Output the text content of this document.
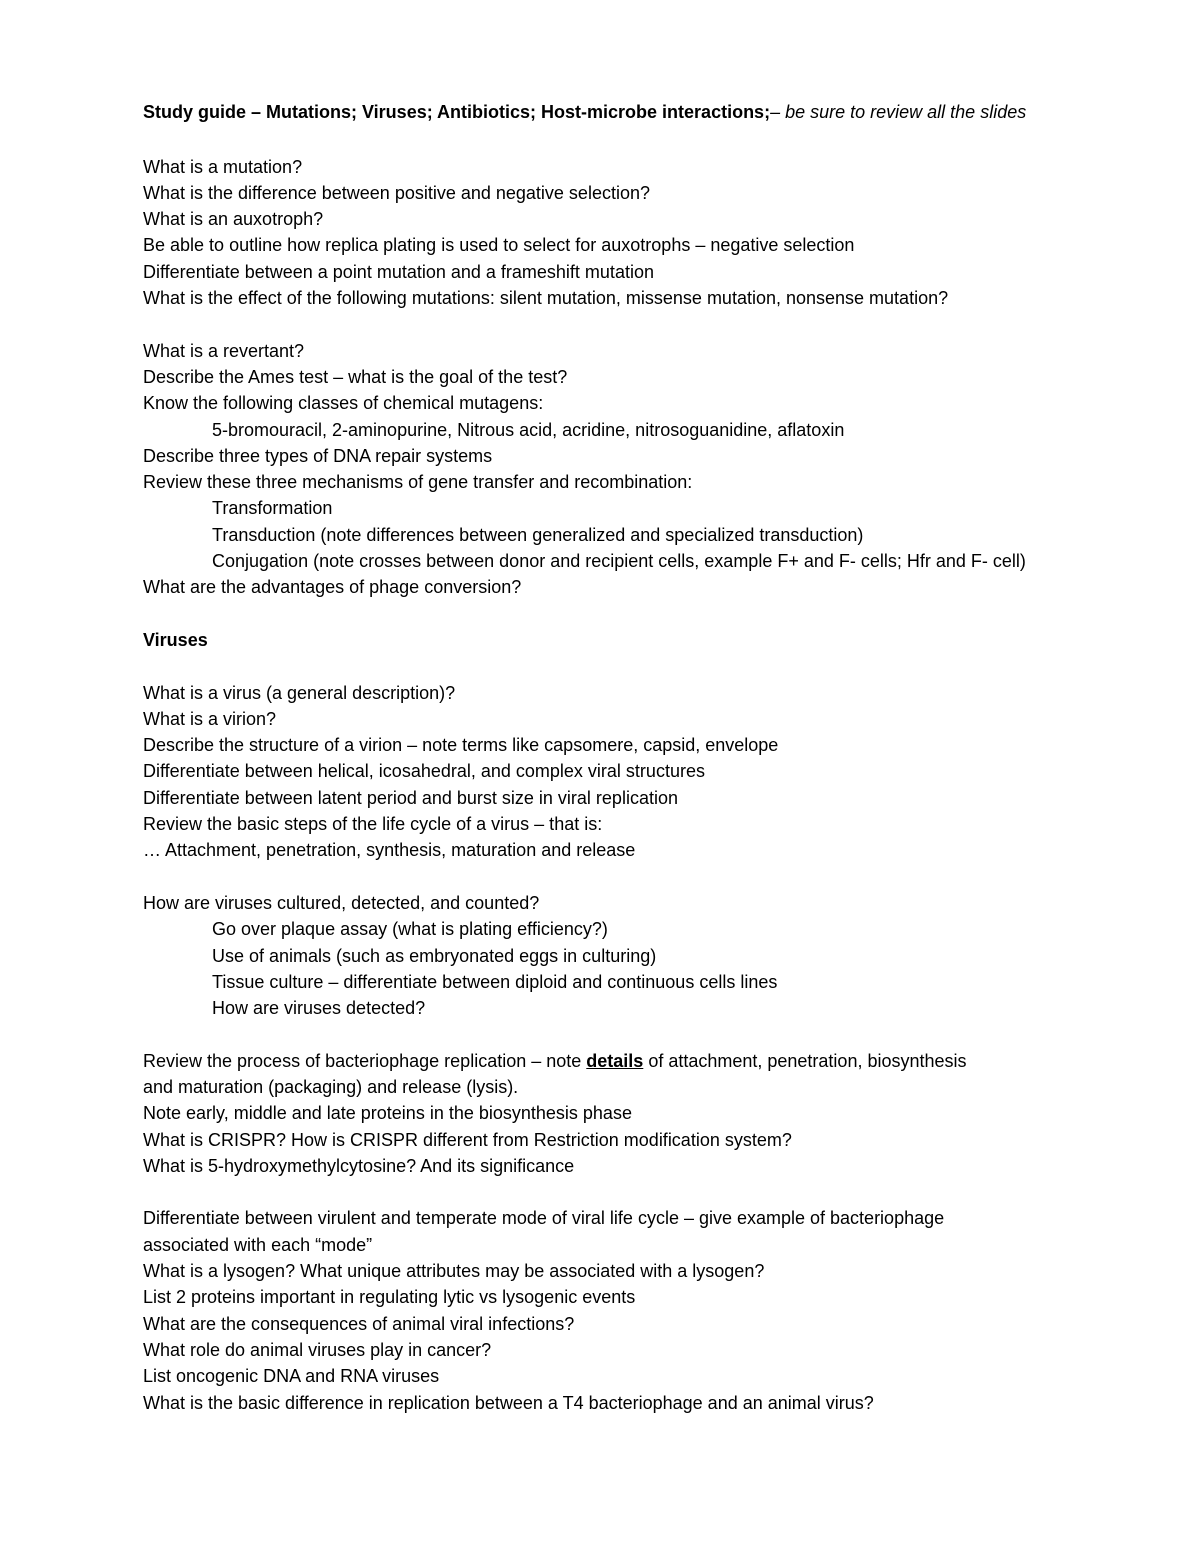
Study guide – Mutations; Viruses; Antibiotics; Host-microbe interactions;– be sure to review all the slides
What is a mutation?
What is the difference between positive and negative selection?
What is an auxotroph?
Be able to outline how replica plating is used to select for auxotrophs – negative selection
Differentiate between a point mutation and a frameshift mutation
What is the effect of the following mutations: silent mutation, missense mutation, nonsense mutation?
What is a revertant?
Describe the Ames test – what is the goal of the test?
Know the following classes of chemical mutagens:
5-bromouracil, 2-aminopurine, Nitrous acid, acridine, nitrosoguanidine, aflatoxin
Describe three types of DNA repair systems
Review these three mechanisms of gene transfer and recombination:
Transformation
Transduction (note differences between generalized and specialized transduction)
Conjugation (note crosses between donor and recipient cells, example F+ and F- cells; Hfr and F- cell)
What are the advantages of phage conversion?
Viruses
What is a virus (a general description)?
What is a virion?
Describe the structure of a virion – note terms like capsomere, capsid, envelope
Differentiate between helical, icosahedral, and complex viral structures
Differentiate between latent period and burst size in viral replication
Review the basic steps of the life cycle of a virus – that is:
… Attachment, penetration, synthesis, maturation and release
How are viruses cultured, detected, and counted?
Go over plaque assay (what is plating efficiency?)
Use of animals (such as embryonated eggs in culturing)
Tissue culture – differentiate between diploid and continuous cells lines
How are viruses detected?
Review the process of bacteriophage replication – note details of attachment, penetration, biosynthesis
and maturation (packaging) and release (lysis).
Note early, middle and late proteins in the biosynthesis phase
What is CRISPR? How is CRISPR different from Restriction modification system?
What is 5-hydroxymethylcytosine? And its significance
Differentiate between virulent and temperate mode of viral life cycle – give example of bacteriophage
associated with each “mode”
What is a lysogen? What unique attributes may be associated with a lysogen?
List 2 proteins important in regulating lytic vs lysogenic events
What are the consequences of animal viral infections?
What role do animal viruses play in cancer?
List oncogenic DNA and RNA viruses
What is the basic difference in replication between a T4 bacteriophage and an animal virus?
